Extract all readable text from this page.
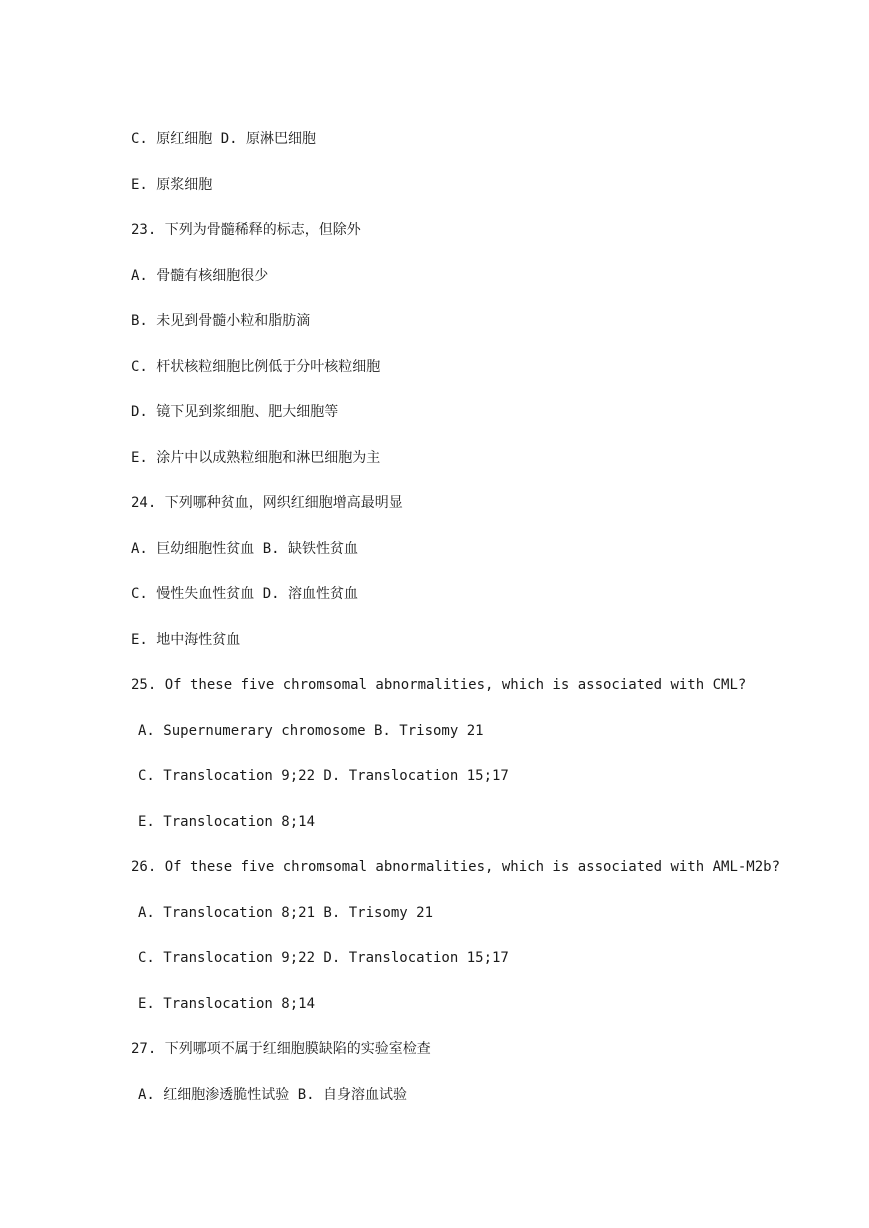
C. 原红细胞 D. 原淋巴细胞
E. 原浆细胞
23. 下列为骨髓稀释的标志，但除外
A. 骨髓有核细胞很少
B. 未见到骨髓小粒和脂肪滴
C. 杆状核粒细胞比例低于分叶核粒细胞
D. 镜下见到浆细胞、肥大细胞等
E. 涂片中以成熟粒细胞和淋巴细胞为主
24. 下列哪种贫血，网织红细胞增高最明显
A. 巨幼细胞性贫血 B. 缺铁性贫血
C. 慢性失血性贫血 D. 溶血性贫血
E. 地中海性贫血
25. Of these five chromsomal abnormalities, which is associated with CML?
A. Supernumerary chromosome B. Trisomy 21
C. Translocation 9;22 D. Translocation 15;17
E. Translocation 8;14
26. Of these five chromsomal abnormalities, which is associated with AML-M2b?
A. Translocation 8;21 B. Trisomy 21
C. Translocation 9;22 D. Translocation 15;17
E. Translocation 8;14
27. 下列哪项不属于红细胞膜缺陷的实验室检查
A. 红细胞渗透脆性试验 B. 自身溶血试验
